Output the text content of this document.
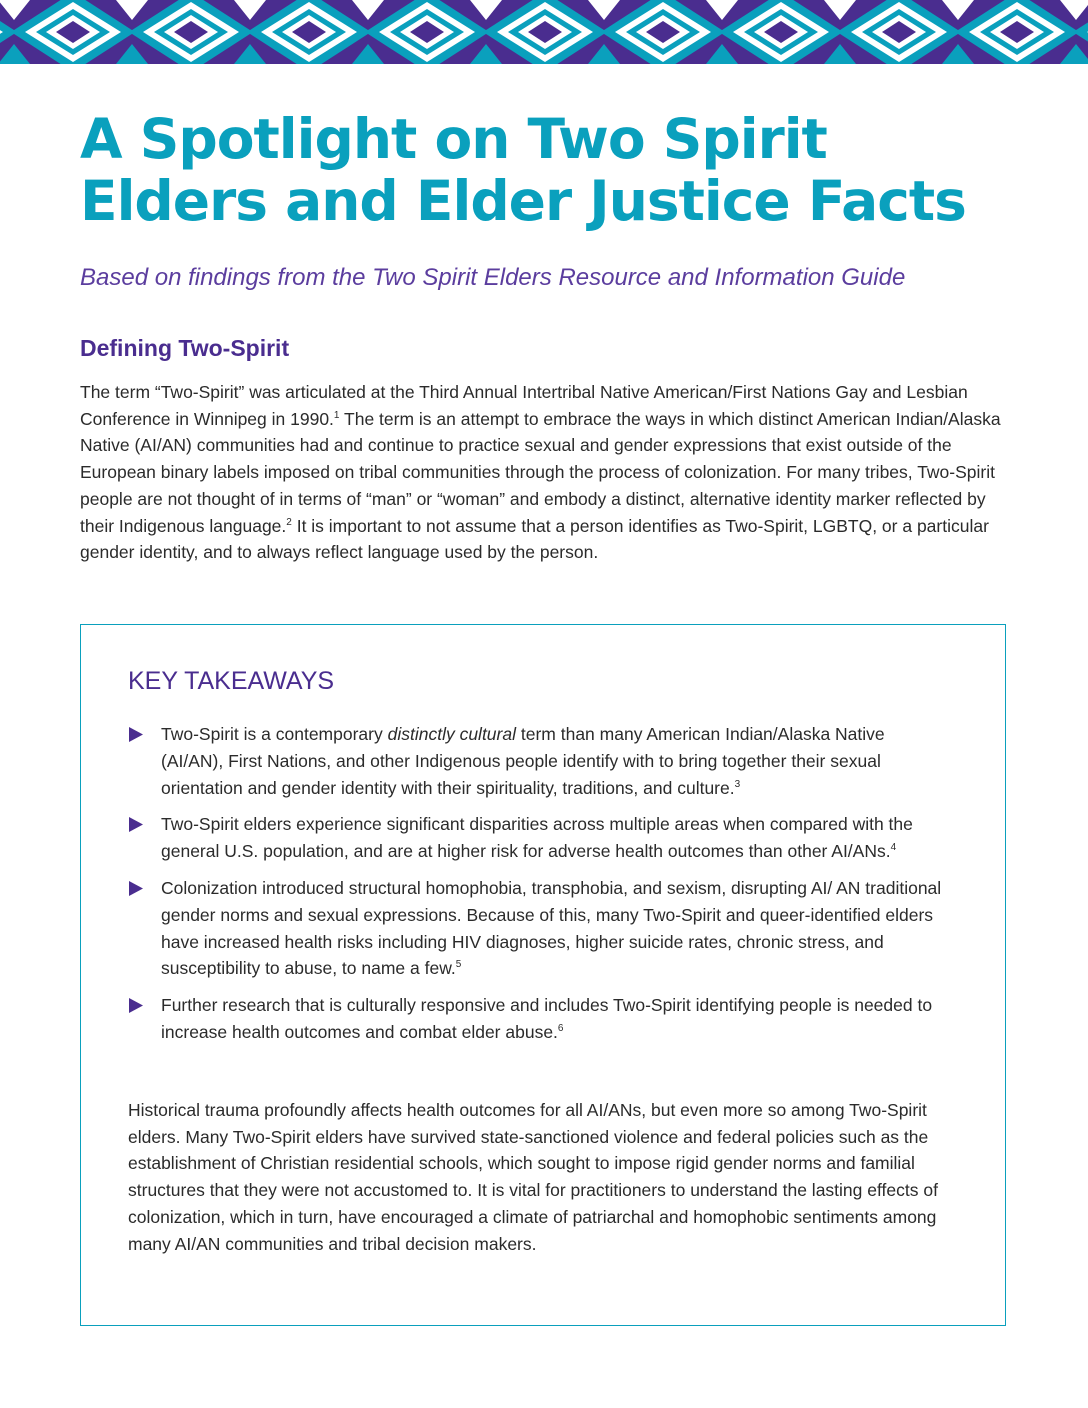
A Spotlight on Two Spirit
Elders and Elder Justice Facts

Based on findings from the Two Spirit Elders Resource and Information Guide

Defining Two-Spirit

The term “Two-Spirit” was articulated at the Third Annual Intertribal Native American/First Nations Gay and Lesbian Conference in Winnipeg in 1990.$^1$ The term is an attempt to embrace the ways in which distinct American Indian/Alaska Native (AI/AN) communities had and continue to practice sexual and gender expressions that exist outside of the European binary labels imposed on tribal communities through the process of colonization. For many tribes, Two-Spirit people are not thought of in terms of “man” or “woman” and embody a distinct, alternative identity marker reflected by their Indigenous language.$^2$ It is important to not assume that a person identifies as Two-Spirit, LGBTQ, or a particular gender identity, and to always reflect language used by the person.

KEY TAKEAWAYS
Two-Spirit is a contemporary distinctly cultural term than many American Indian/Alaska Native (AI/AN), First Nations, and other Indigenous people identify with to bring together their sexual orientation and gender identity with their spirituality, traditions, and culture.$^3$
Two-Spirit elders experience significant disparities across multiple areas when compared with the general U.S. population, and are at higher risk for adverse health outcomes than other AI/ANs.$^4$
Colonization introduced structural homophobia, transphobia, and sexism, disrupting AI/ AN traditional gender norms and sexual expressions. Because of this, many Two-Spirit and queer-identified elders have increased health risks including HIV diagnoses, higher suicide rates, chronic stress, and susceptibility to abuse, to name a few.$^5$
Further research that is culturally responsive and includes Two-Spirit identifying people is needed to increase health outcomes and combat elder abuse.$^6$

Historical trauma profoundly affects health outcomes for all AI/ANs, but even more so among Two-Spirit elders. Many Two-Spirit elders have survived state-sanctioned violence and federal policies such as the establishment of Christian residential schools, which sought to impose rigid gender norms and familial structures that they were not accustomed to. It is vital for practitioners to understand the lasting effects of colonization, which in turn, have encouraged a climate of patriarchal and homophobic sentiments among many AI/AN communities and tribal decision makers.
